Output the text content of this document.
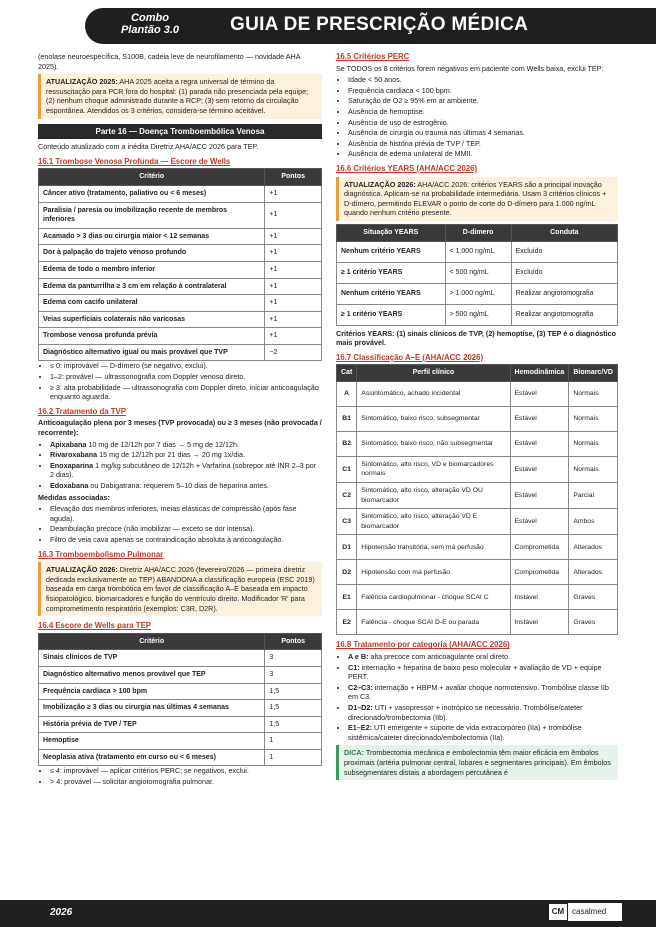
Combo
Plantão 3.0	GUIA DE PRESCRIÇÃO MÉDICA

(enolase neuroespecífica, S100B, cadeia leve de neurofilamento — novidade AHA 2025).

ATUALIZAÇÃO 2025: AHA 2025 aceita a regra universal de término da ressuscitação para PCR fora do hospital: (1) parada não presenciada pela equipe; (2) nenhum choque administrado durante a RCP; (3) sem retorno da circulação espontânea. Atendidos os 3 critérios, considera-se término aceitável.
Parte 16 — Doença Tromboembólica Venosa

Conteúdo atualizado com a inédita Diretriz AHA/ACC 2026 para TEP.

16.1 Trombose Venosa Profunda — Escore de Wells
Critério	Pontos
Câncer ativo (tratamento, paliativo ou < 6 meses)	+1
Paralisia / paresia ou imobilização recente de membros inferiores	+1
Acamado > 3 dias ou cirurgia maior < 12 semanas	+1
Dor à palpação do trajeto venoso profundo	+1
Edema de todo o membro inferior	+1
Edema da panturrilha ≥ 3 cm em relação à contralateral	+1
Edema com cacifo unilateral	+1
Veias superficiais colaterais não varicosas	+1
Trombose venosa profunda prévia	+1
Diagnóstico alternativo igual ou mais provável que TVP	−2
• ≤ 0: improvável — D-dímero (se negativo, exclui).
• 1–2: provável — ultrassonografia com Doppler venoso direto.
• ≥ 3: alta probabilidade — ultrassonografia com Doppler direto, iniciar anticoagulação enquanto aguarda.
16.2 Tratamento da TVP

Anticoagulação plena por 3 meses (TVP provocada) ou ≥ 3 meses (não provocada / recorrente):

• Apixabana 10 mg de 12/12h por 7 dias → 5 mg de 12/12h.
• Rivaroxabana 15 mg de 12/12h por 21 dias → 20 mg 1x/dia.
• Enoxaparina 1 mg/kg subcutâneo de 12/12h + Varfarina (sobrepor até INR 2–3 por 2 dias).
• Edoxabana ou Dabigatrana: requerem 5–10 dias de heparina antes.

Medidas associadas:

• Elevação dos membros inferiores, meias elásticas de compressão (após fase aguda).
• Deambulação precoce (não imobilizar — exceto se dor intensa).
• Filtro de veia cava apenas se contraindicação absoluta à anticoagulação.
16.3 Tromboembolismo Pulmonar
ATUALIZAÇÃO 2026: Diretriz AHA/ACC 2026 (fevereiro/2026 — primeira diretriz dedicada exclusivamente ao TEP) ABANDONA a classificação europeia (ESC 2019) baseada em carga trombótica em favor de classificação A–E baseada em impacto fisiopatológico, biomarcadores e função do ventrículo direito. Modificador 'R' para comprometimento respiratório (exemplos: C3R, D2R).
16.4 Escore de Wells para TEP
Critério	Pontos
Sinais clínicos de TVP	3
Diagnóstico alternativo menos provável que TEP	3
Frequência cardíaca > 100 bpm	1,5
Imobilização ≥ 3 dias ou cirurgia nas últimas 4 semanas	1,5
História prévia de TVP / TEP	1,5
Hemoptise	1
Neoplasia ativa (tratamento em curso ou < 6 meses)	1
• ≤ 4: improvável — aplicar critérios PERC; se negativos, exclui.
• > 4: provável — solicitar angiotomografia pulmonar.
16.5 Critérios PERC

Se TODOS os 8 critérios forem negativos em paciente com Wells baixa, exclui TEP:

• Idade < 50 anos.
• Frequência cardíaca < 100 bpm.
• Saturação de O2 ≥ 95% em ar ambiente.
• Ausência de hemoptise.
• Ausência de uso de estrogênio.
• Ausência de cirurgia ou trauma nas últimas 4 semanas.
• Ausência de história prévia de TVP / TEP.
• Ausência de edema unilateral de MMII.
16.6 Critérios YEARS (AHA/ACC 2026)
ATUALIZAÇÃO 2026: AHA/ACC 2026: critérios YEARS são a principal inovação diagnóstica. Aplicam-se na probabilidade intermediária. Usam 3 critérios clínicos + D-dímero, permitindo ELEVAR o ponto de corte do D-dímero para 1.000 ng/mL quando nenhum critério presente.
Situação YEARS	D-dímero	Conduta
Nenhum critério YEARS	< 1.000 ng/mL	Excluído
≥ 1 critério YEARS	< 500 ng/mL	Excluído
Nenhum critério YEARS	> 1.000 ng/mL	Realizar angiotomografia
≥ 1 critério YEARS	> 500 ng/mL	Realizar angiotomografia

Critérios YEARS: (1) sinais clínicos de TVP, (2) hemoptise, (3) TEP é o diagnóstico mais provável.

16.7 Classificação A–E (AHA/ACC 2026)
Cat	Perfil clínico	Hemodinâmica	Biomarc/VD
A	Assintomático, achado incidental	Estável	Normais
B1	Sintomático, baixo risco, subsegmentar	Estável	Normais
B2	Sintomático, baixo risco, não subsegmentar	Estável	Normais
C1	Sintomático, alto risco, VD e biomarcadores normais	Estável	Normais
C2	Sintomático, alto risco, alteração VD OU biomarcador	Estável	Parcial
C3	Sintomático, alto risco, alteração VD E biomarcador	Estável	Ambos
D1	Hipotensão transitória, sem má perfusão	Comprometida	Alterados
D2	Hipotensão com má perfusão	Comprometida	Alterados
E1	Falência cardiopulmonar - choque SCAI C	Instável	Graves
E2	Falência - choque SCAI D-E ou parada	Instável	Graves
16.8 Tratamento por categoria (AHA/ACC 2026)
• A e B: alta precoce com anticoagulante oral direto.
• C1: internação + heparina de baixo peso molecular + avaliação de VD + equipe PERT.
• C2–C3: internação + HBPM + avaliar choque normotensivo. Trombólise classe IIb em C3.
• D1–D2: UTI + vasopressor + inotrópico se necessário. Trombólise/cateter direcionado/trombectomia (IIb).
• E1–E2: UTI emergente + suporte de vida extracorpóreo (IIa) + trombólise sistêmica/cateter direcionado/embolectomia (IIa).
DICA: Trombectomia mecânica e embolectomia têm maior eficácia em êmbolos proximais (artéria pulmonar central, lobares e segmentares principais). Em êmbolos subsegmentares distais a abordagem percutânea é
2026	CM casalmed
